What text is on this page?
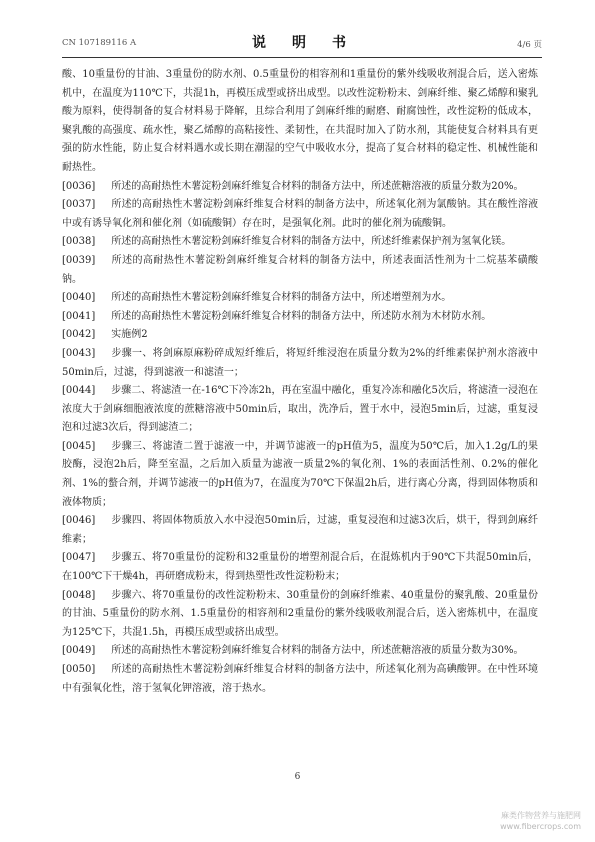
CN 107189116 A	说　明　书	4/6 页

酸、10重量份的甘油、3重量份的防水剂、0.5重量份的相容剂和1重量份的紫外线吸收剂混合后，送入密炼机中，在温度为110℃下，共混1h，再模压成型或挤出成型。以改性淀粉粉末、剑麻纤维、聚乙烯醇和聚乳酸为原料，使得制备的复合材料易于降解，且综合利用了剑麻纤维的耐磨、耐腐蚀性，改性淀粉的低成本，聚乳酸的高强度、疏水性，聚乙烯醇的高粘接性、柔韧性，在共混时加入了防水剂，其能使复合材料具有更强的防水性能，防止复合材料遇水或长期在潮湿的空气中吸收水分，提高了复合材料的稳定性、机械性能和耐热性。

[0036] 所述的高耐热性木薯淀粉剑麻纤维复合材料的制备方法中，所述蔗糖溶液的质量分数为20%。

[0037] 所述的高耐热性木薯淀粉剑麻纤维复合材料的制备方法中，所述氧化剂为氯酸钠。其在酸性溶液中或有诱导氧化剂和催化剂（如硫酸铜）存在时，是强氧化剂。此时的催化剂为硫酸铜。

[0038] 所述的高耐热性木薯淀粉剑麻纤维复合材料的制备方法中，所述纤维素保护剂为氢氧化镁。

[0039] 所述的高耐热性木薯淀粉剑麻纤维复合材料的制备方法中，所述表面活性剂为十二烷基苯磺酸钠。

[0040] 所述的高耐热性木薯淀粉剑麻纤维复合材料的制备方法中，所述增塑剂为水。

[0041] 所述的高耐热性木薯淀粉剑麻纤维复合材料的制备方法中，所述防水剂为木材防水剂。

[0042] 实施例2

[0043] 步骤一、将剑麻原麻粉碎成短纤维后，将短纤维浸泡在质量分数为2%的纤维素保护剂水溶液中50min后，过滤，得到滤液一和滤渣一；

[0044] 步骤二、将滤渣一在-16℃下冷冻2h，再在室温中融化，重复冷冻和融化5次后，将滤渣一浸泡在浓度大于剑麻细胞液浓度的蔗糖溶液中50min后，取出，洗净后，置于水中，浸泡5min后，过滤，重复浸泡和过滤3次后，得到滤渣二；

[0045] 步骤三、将滤渣二置于滤液一中，并调节滤液一的pH值为5，温度为50℃后，加入1.2g/L的果胶酶，浸泡2h后，降至室温，之后加入质量为滤液一质量2%的氧化剂、1%的表面活性剂、0.2%的催化剂、1%的螯合剂，并调节滤液一的pH值为7，在温度为70℃下保温2h后，进行离心分离，得到固体物质和液体物质；

[0046] 步骤四、将固体物质放入水中浸泡50min后，过滤，重复浸泡和过滤3次后，烘干，得到剑麻纤维素；

[0047] 步骤五、将70重量份的淀粉和32重量份的增塑剂混合后，在混炼机内于90℃下共混50min后，在100℃下干燥4h，再研磨成粉末，得到热塑性改性淀粉粉末；

[0048] 步骤六、将70重量份的改性淀粉粉末、30重量份的剑麻纤维素、40重量份的聚乳酸、20重量份的甘油、5重量份的防水剂、1.5重量份的相容剂和2重量份的紫外线吸收剂混合后，送入密炼机中，在温度为125℃下，共混1.5h，再模压成型或挤出成型。

[0049] 所述的高耐热性木薯淀粉剑麻纤维复合材料的制备方法中，所述蔗糖溶液的质量分数为30%。

[0050] 所述的高耐热性木薯淀粉剑麻纤维复合材料的制备方法中，所述氧化剂为高碘酸钾。在中性环境中有强氧化性，溶于氢氧化钾溶液，溶于热水。

6
麻类作物营养与施肥网
www.fibercrops.com
